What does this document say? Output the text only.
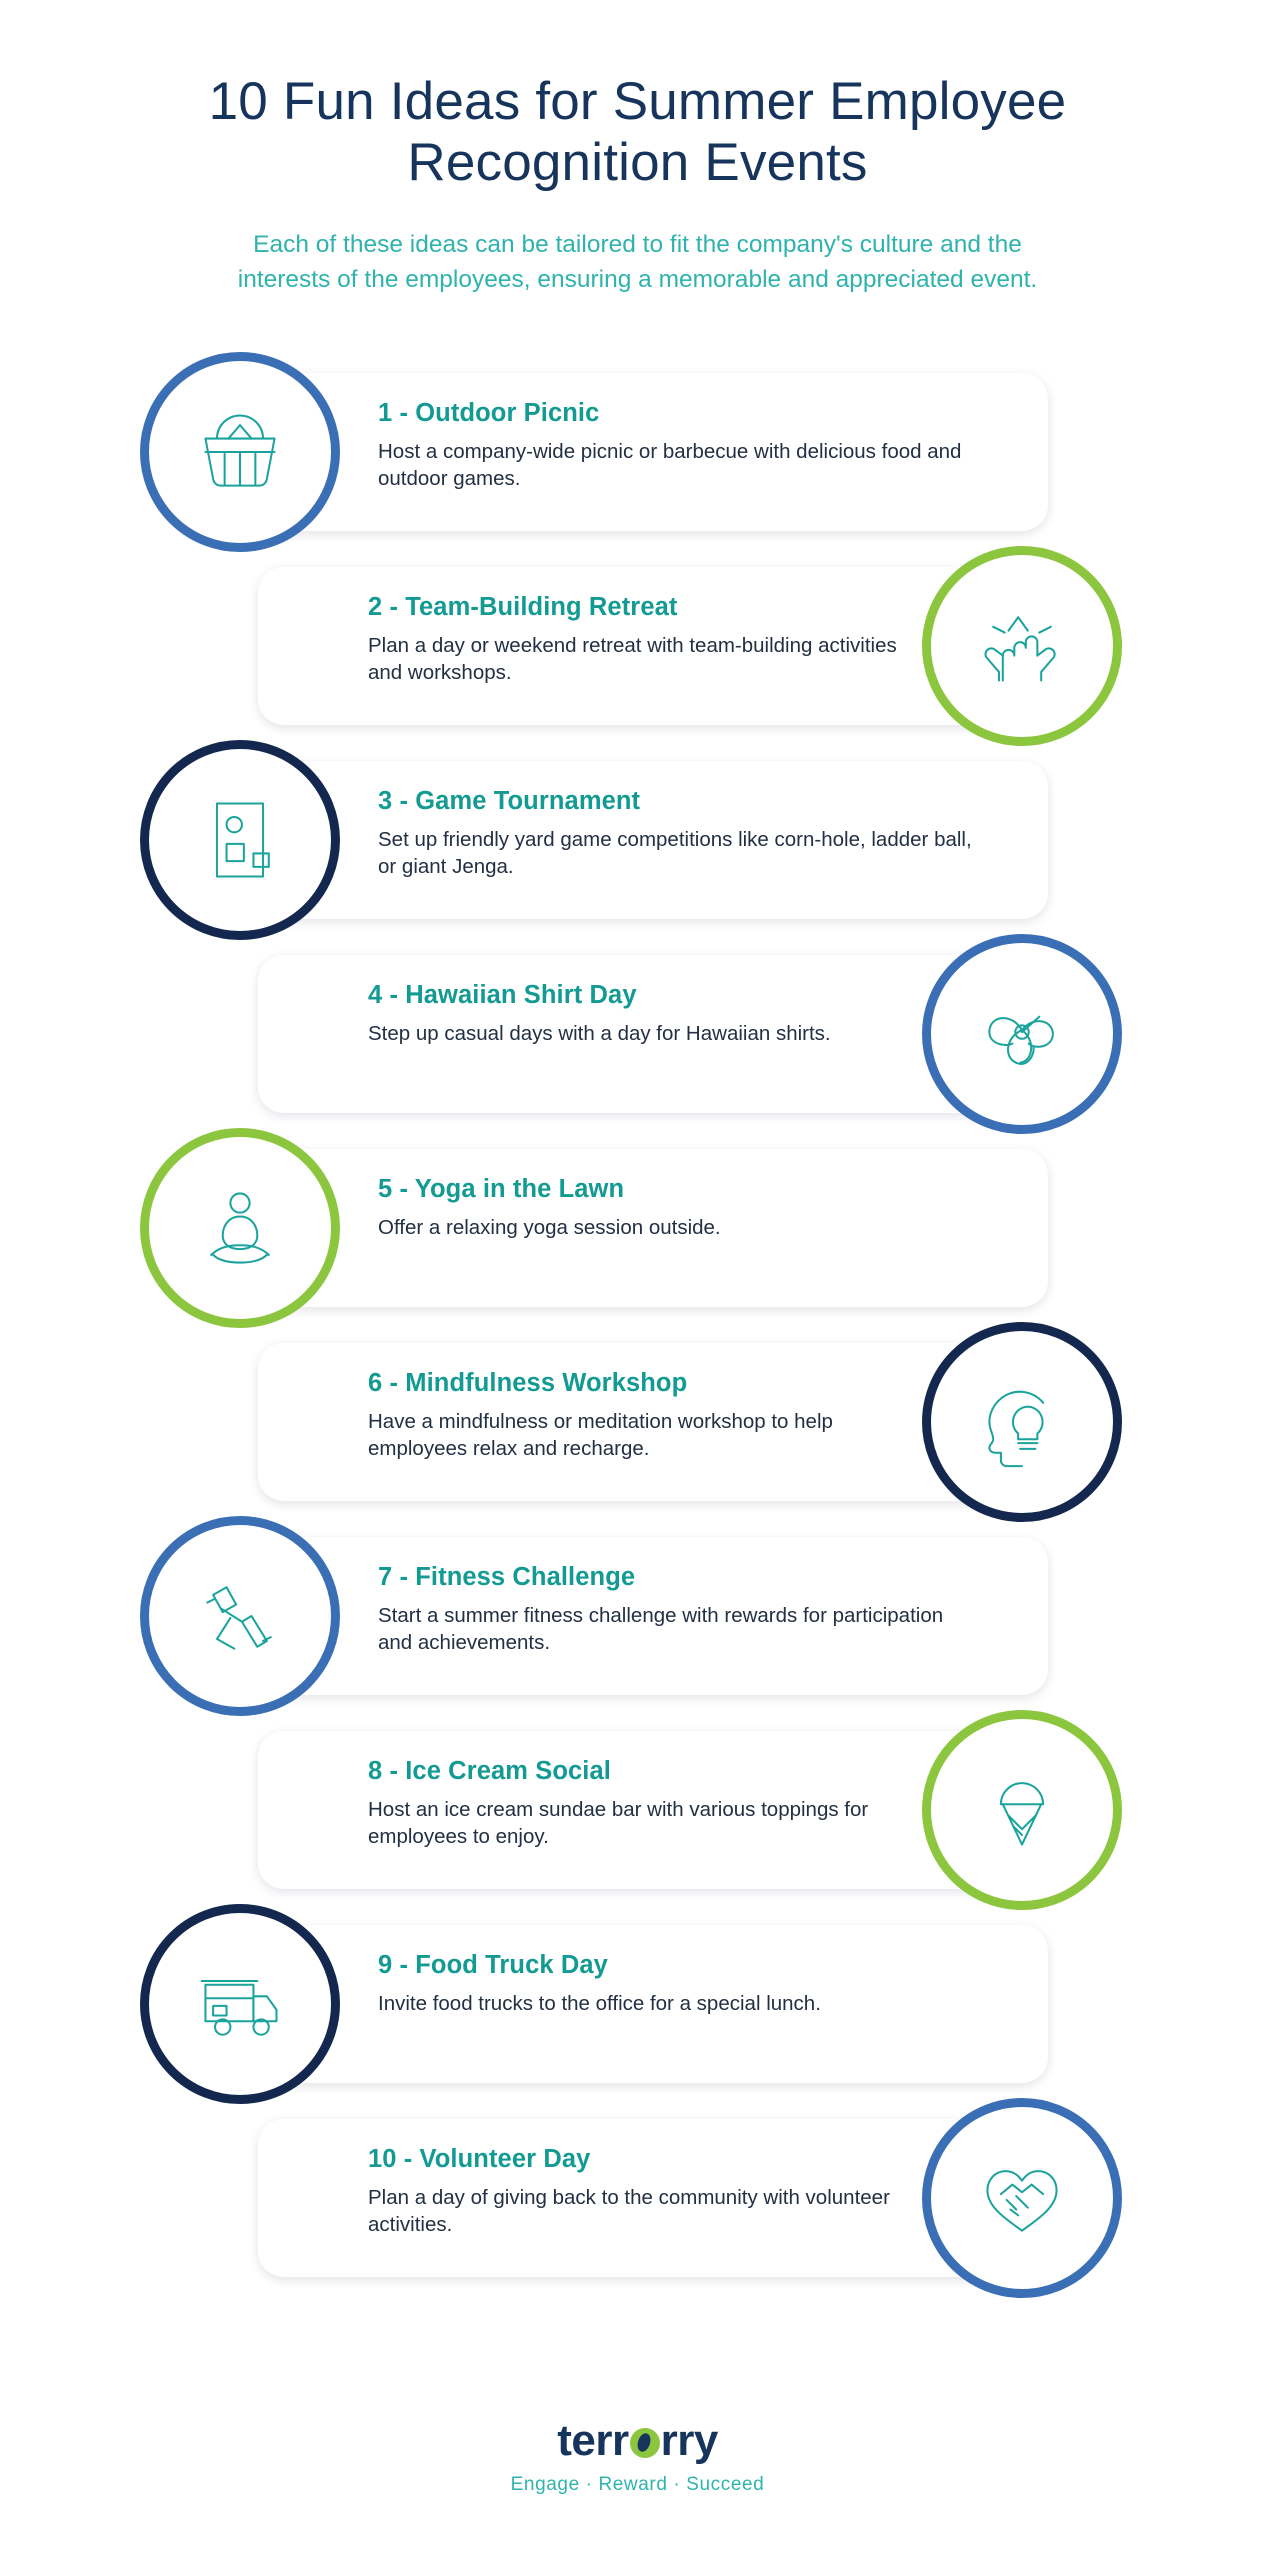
10 Fun Ideas for Summer Employee Recognition Events

Each of these ideas can be tailored to fit the company's culture and the interests of the employees, ensuring a memorable and appreciated event.

1 - Outdoor Picnic
Host a company-wide picnic or barbecue with delicious food and outdoor games.
2 - Team-Building Retreat
Plan a day or weekend retreat with team-building activities and workshops.
3 - Game Tournament
Set up friendly yard game competitions like corn-hole, ladder ball, or giant Jenga.
4 - Hawaiian Shirt Day
Step up casual days with a day for Hawaiian shirts.
5 - Yoga in the Lawn
Offer a relaxing yoga session outside.
6 - Mindfulness Workshop
Have a mindfulness or meditation workshop to help employees relax and recharge.
7 - Fitness Challenge
Start a summer fitness challenge with rewards for participation and achievements.
8 - Ice Cream Social
Host an ice cream sundae bar with various toppings for employees to enjoy.
9 - Food Truck Day
Invite food trucks to the office for a special lunch.
10 - Volunteer Day
Plan a day of giving back to the community with volunteer activities.
terr rry
Engage · Reward · Succeed
